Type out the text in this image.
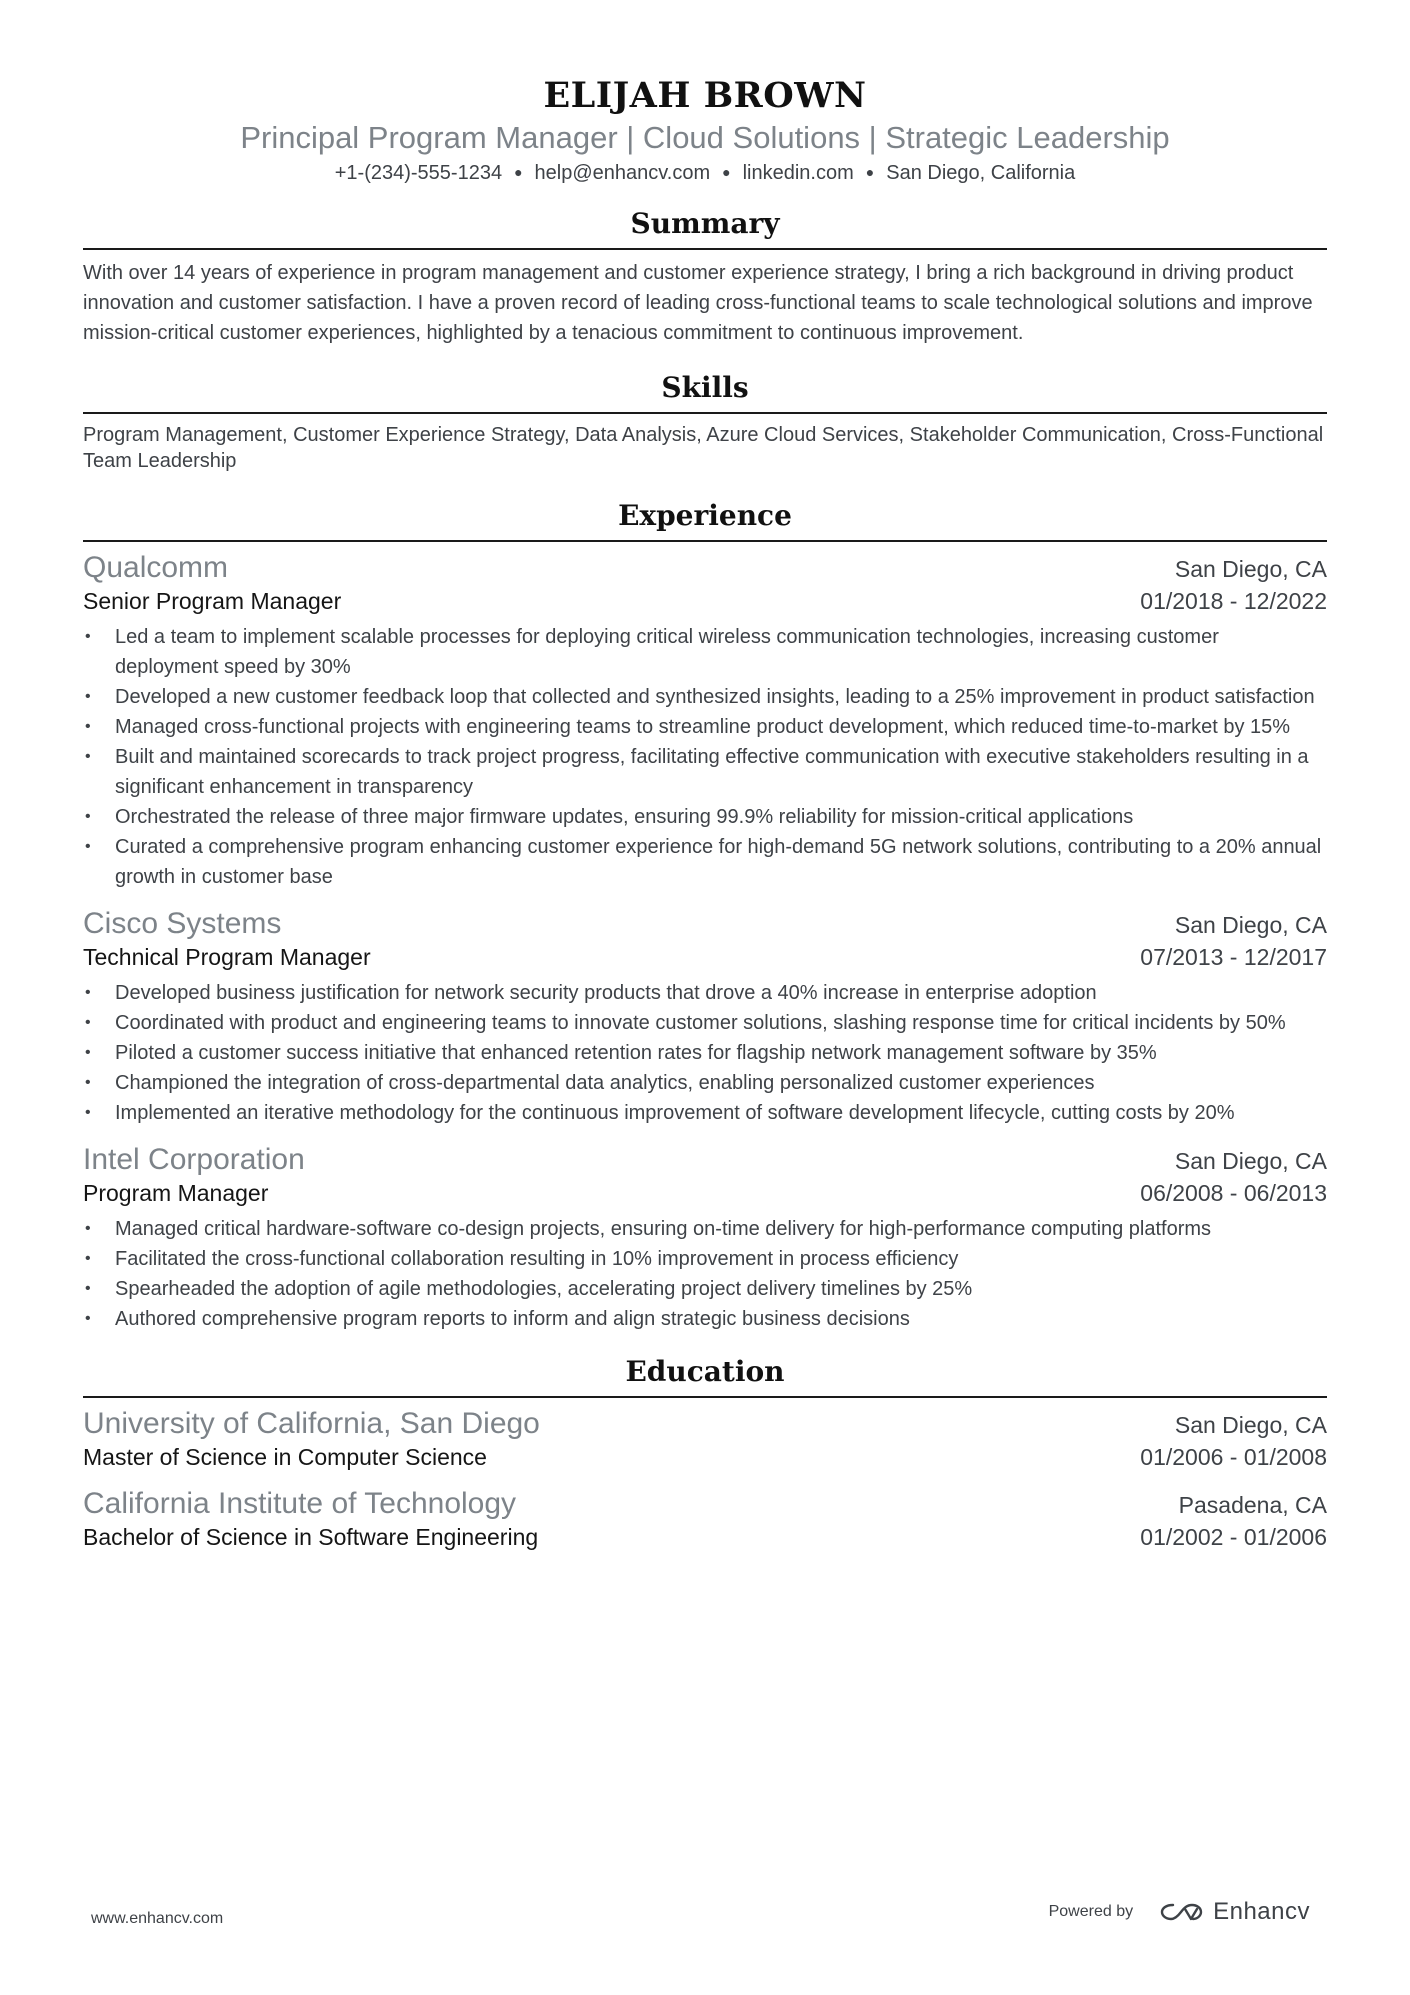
ELIJAH BROWN
Principal Program Manager | Cloud Solutions | Strategic Leadership
+1-(234)-555-1234 ● help@enhancv.com ● linkedin.com ● San Diego, California
Summary
With over 14 years of experience in program management and customer experience strategy, I bring a rich background in driving product innovation and customer satisfaction. I have a proven record of leading cross-functional teams to scale technological solutions and improve mission-critical customer experiences, highlighted by a tenacious commitment to continuous improvement.
Skills
Program Management, Customer Experience Strategy, Data Analysis, Azure Cloud Services, Stakeholder Communication, Cross-Functional Team Leadership
Experience
Qualcomm	San Diego, CA
Senior Program Manager	01/2018 - 12/2022
• Led a team to implement scalable processes for deploying critical wireless communication technologies, increasing customer deployment speed by 30%
• Developed a new customer feedback loop that collected and synthesized insights, leading to a 25% improvement in product satisfaction
• Managed cross-functional projects with engineering teams to streamline product development, which reduced time-to-market by 15%
• Built and maintained scorecards to track project progress, facilitating effective communication with executive stakeholders resulting in a significant enhancement in transparency
• Orchestrated the release of three major firmware updates, ensuring 99.9% reliability for mission-critical applications
• Curated a comprehensive program enhancing customer experience for high-demand 5G network solutions, contributing to a 20% annual growth in customer base
Cisco Systems	San Diego, CA
Technical Program Manager	07/2013 - 12/2017
• Developed business justification for network security products that drove a 40% increase in enterprise adoption
• Coordinated with product and engineering teams to innovate customer solutions, slashing response time for critical incidents by 50%
• Piloted a customer success initiative that enhanced retention rates for flagship network management software by 35%
• Championed the integration of cross-departmental data analytics, enabling personalized customer experiences
• Implemented an iterative methodology for the continuous improvement of software development lifecycle, cutting costs by 20%
Intel Corporation	San Diego, CA
Program Manager	06/2008 - 06/2013
• Managed critical hardware-software co-design projects, ensuring on-time delivery for high-performance computing platforms
• Facilitated the cross-functional collaboration resulting in 10% improvement in process efficiency
• Spearheaded the adoption of agile methodologies, accelerating project delivery timelines by 25%
• Authored comprehensive program reports to inform and align strategic business decisions
Education
University of California, San Diego	San Diego, CA
Master of Science in Computer Science	01/2006 - 01/2008
California Institute of Technology	Pasadena, CA
Bachelor of Science in Software Engineering	01/2002 - 01/2006
www.enhancv.com	Powered by	Enhancv
